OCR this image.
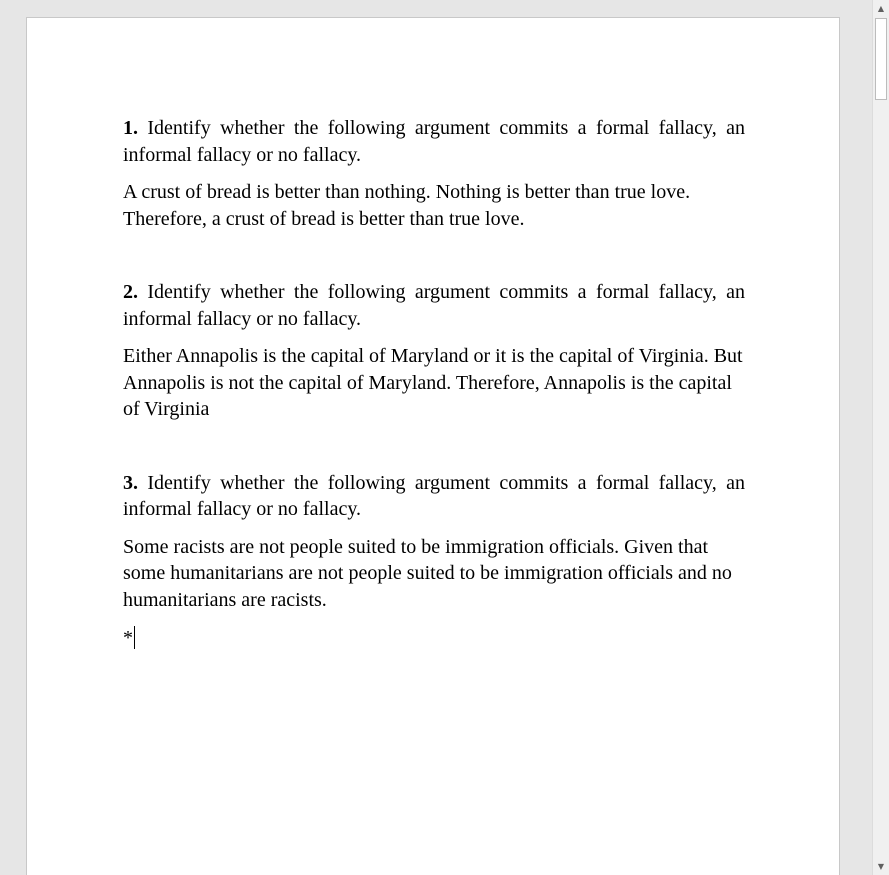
1. Identify whether the following argument commits a formal fallacy, an informal fallacy or no fallacy.

A crust of bread is better than nothing. Nothing is better than true love. Therefore, a crust of bread is better than true love.

2. Identify whether the following argument commits a formal fallacy, an informal fallacy or no fallacy.

Either Annapolis is the capital of Maryland or it is the capital of Virginia. But Annapolis is not the capital of Maryland. Therefore, Annapolis is the capital of Virginia

3. Identify whether the following argument commits a formal fallacy, an informal fallacy or no fallacy.

Some racists are not people suited to be immigration officials. Given that some humanitarians are not people suited to be immigration officials and no humanitarians are racists.

*
▲
▼
